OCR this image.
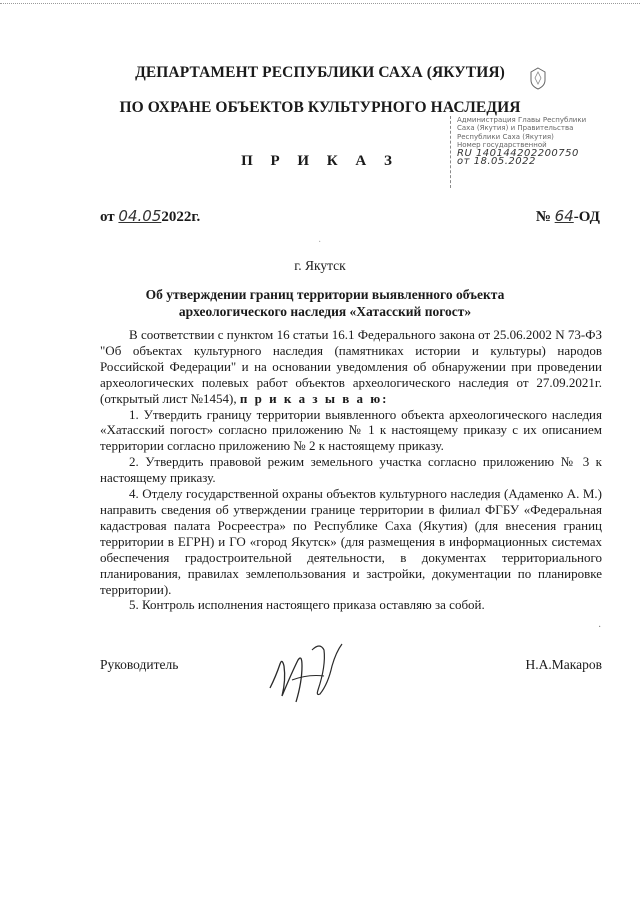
ДЕПАРТАМЕНТ РЕСПУБЛИКИ САХА (ЯКУТИЯ)
ПО ОХРАНЕ ОБЪЕКТОВ КУЛЬТУРНОГО НАСЛЕДИЯ
П Р И К А З
Администрация Главы Республики
Саха (Якутия) и Правительства
Республики Саха (Якутия)
Номер государственной
RU 140144202200750
от 18.05.2022
от 04.052022г.	№ 64-ОД
·
г. Якутск
Об утверждении границ территории выявленного объекта археологического наследия «Хатасский погост»

В соответствии с пунктом 16 статьи 16.1 Федерального закона от 25.06.2002 N 73-ФЗ "Об объектах культурного наследия (памятниках истории и культуры) народов Российской Федерации" и на основании уведомления об обнаружении при проведении археологических полевых работ объектов археологического наследия от 27.09.2021г. (открытый лист №1454), п р и к а з ы в а ю:

1. Утвердить границу территории выявленного объекта археологического наследия «Хатасский погост» согласно приложению № 1 к настоящему приказу с их описанием территории согласно приложению № 2 к настоящему приказу.

2. Утвердить правовой режим земельного участка согласно приложению № 3 к настоящему приказу.

4. Отделу государственной охраны объектов культурного наследия (Адаменко А. М.) направить сведения об утверждении границе территории в филиал ФГБУ «Федеральная кадастровая палата Росреестра» по Республике Саха (Якутия) (для внесения границ территории в ЕГРН) и ГО «город Якутск» (для размещения в информационных системах обеспечения градостроительной деятельности, в документах территориального планирования, правилах землепользования и застройки, документации по планировке территории).

5. Контроль исполнения настоящего приказа оставляю за собой.

·
Руководитель	Н.А.Макаров
